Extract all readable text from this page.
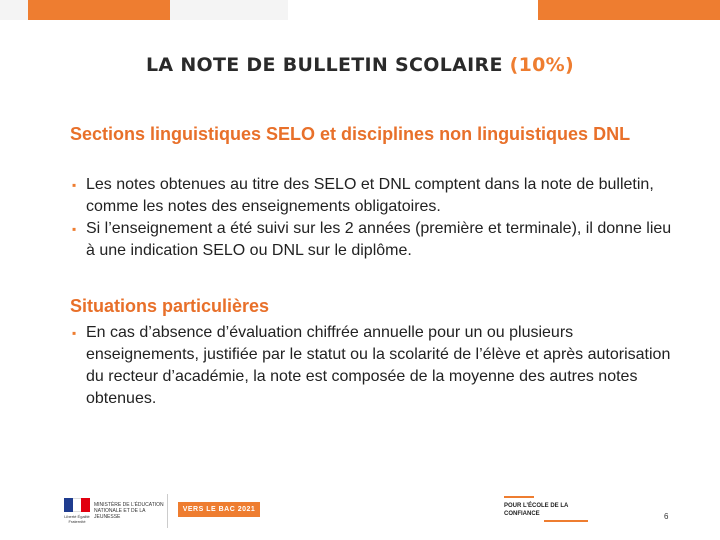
LA NOTE DE BULLETIN SCOLAIRE (10%)
Sections linguistiques SELO et disciplines non linguistiques DNL
▪ Les notes obtenues au titre des SELO et DNL comptent dans la note de bulletin, comme les notes des enseignements obligatoires.
▪ Si l’enseignement a été suivi sur les 2 années (première et terminale), il donne lieu à une indication SELO ou DNL sur le diplôme.
Situations particulières
▪ En cas d’absence d’évaluation chiffrée annuelle pour un ou plusieurs enseignements, justifiée par le statut ou la scolarité de l’élève et après autorisation du recteur d’académie, la note est composée de la moyenne des autres notes obtenues.
Liberté Égalité Fraternité
MINISTÈRE DE L’ÉDUCATION NATIONALE ET DE LA JEUNESSE
VERS LE BAC 2021	POUR L’ÉCOLE DE LA CONFIANCE	6
